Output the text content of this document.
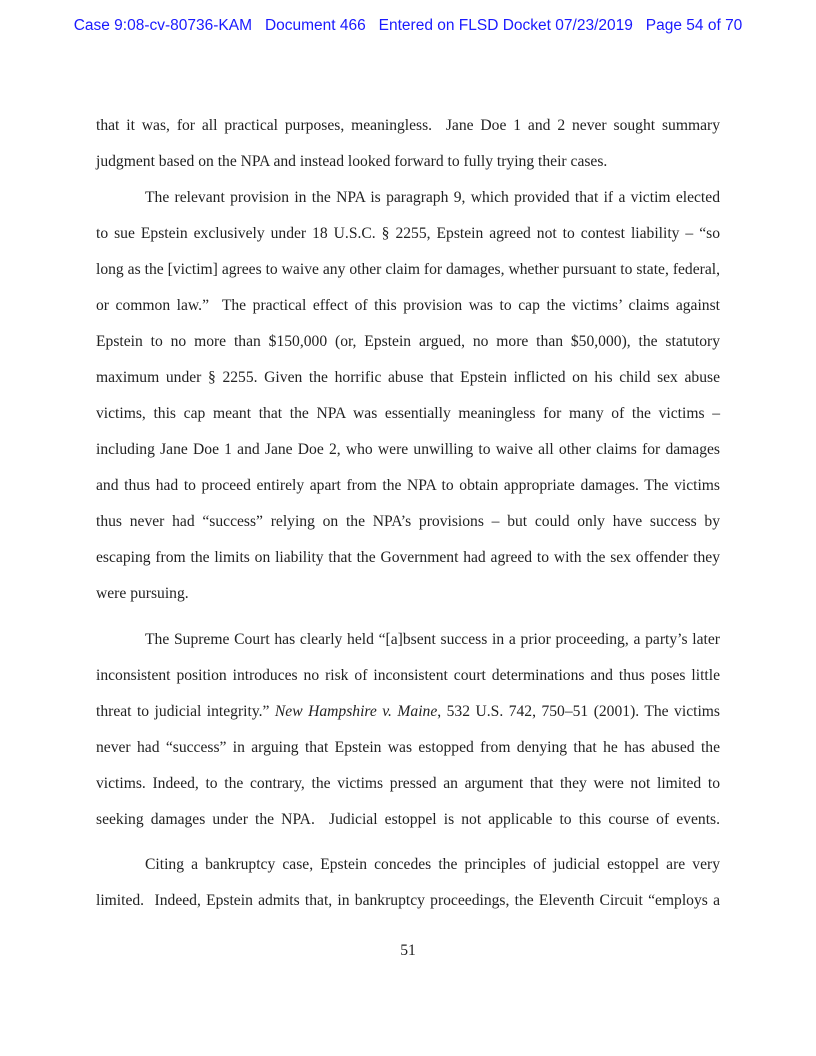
Case 9:08-cv-80736-KAM   Document 466   Entered on FLSD Docket 07/23/2019   Page 54 of 70
that it was, for all practical purposes, meaningless.  Jane Doe 1 and 2 never sought summary
judgment based on the NPA and instead looked forward to fully trying their cases.
The relevant provision in the NPA is paragraph 9, which provided that if a victim elected
to sue Epstein exclusively under 18 U.S.C. § 2255, Epstein agreed not to contest liability – “so
long as the [victim] agrees to waive any other claim for damages, whether pursuant to state, federal,
or common law.”  The practical effect of this provision was to cap the victims’ claims against
Epstein to no more than $150,000 (or, Epstein argued, no more than $50,000), the statutory
maximum under § 2255. Given the horrific abuse that Epstein inflicted on his child sex abuse
victims, this cap meant that the NPA was essentially meaningless for many of the victims –
including Jane Doe 1 and Jane Doe 2, who were unwilling to waive all other claims for damages
and thus had to proceed entirely apart from the NPA to obtain appropriate damages. The victims
thus never had “success” relying on the NPA’s provisions – but could only have success by
escaping from the limits on liability that the Government had agreed to with the sex offender they
were pursuing.
The Supreme Court has clearly held “[a]bsent success in a prior proceeding, a party’s later
inconsistent position introduces no risk of inconsistent court determinations and thus poses little
threat to judicial integrity.” New Hampshire v. Maine, 532 U.S. 742, 750–51 (2001). The victims
never had “success” in arguing that Epstein was estopped from denying that he has abused the
victims. Indeed, to the contrary, the victims pressed an argument that they were not limited to
seeking damages under the NPA.  Judicial estoppel is not applicable to this course of events.
Citing a bankruptcy case, Epstein concedes the principles of judicial estoppel are very
limited.  Indeed, Epstein admits that, in bankruptcy proceedings, the Eleventh Circuit “employs a
51
